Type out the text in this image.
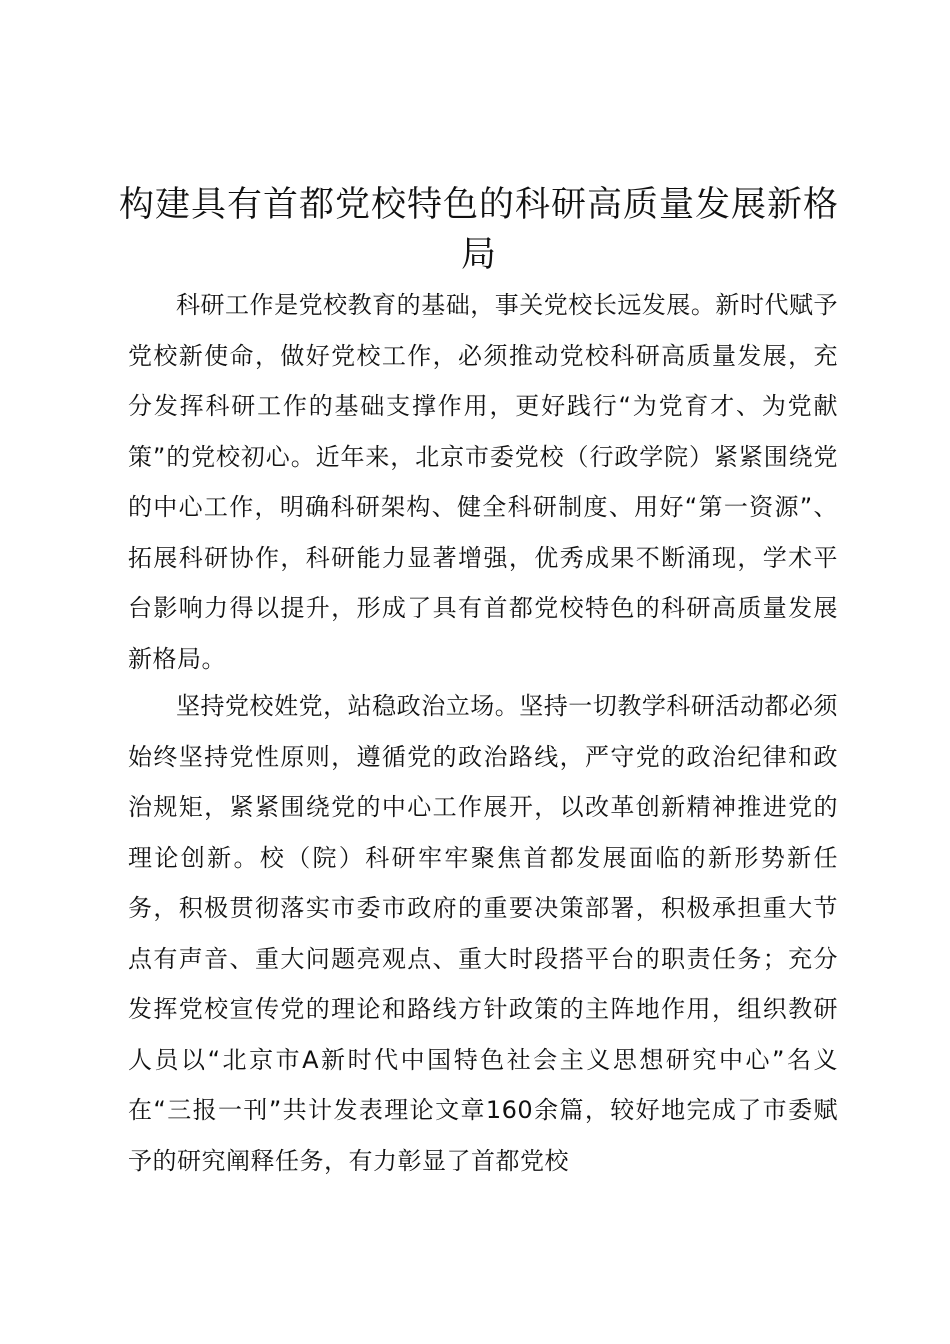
构建具有首都党校特色的科研高质量发展新格局

科研工作是党校教育的基础，事关党校长远发展。新时代赋予党校新使命，做好党校工作，必须推动党校科研高质量发展，充分发挥科研工作的基础支撑作用，更好践行“为党育才、为党献策”的党校初心。近年来，北京市委党校（行政学院）紧紧围绕党的中心工作，明确科研架构、健全科研制度、用好“第一资源”、拓展科研协作，科研能力显著增强，优秀成果不断涌现，学术平台影响力得以提升，形成了具有首都党校特色的科研高质量发展新格局。

坚持党校姓党，站稳政治立场。坚持一切教学科研活动都必须始终坚持党性原则，遵循党的政治路线，严守党的政治纪律和政治规矩，紧紧围绕党的中心工作展开，以改革创新精神推进党的理论创新。校（院）科研牢牢聚焦首都发展面临的新形势新任务，积极贯彻落实市委市政府的重要决策部署，积极承担重大节点有声音、重大问题亮观点、重大时段搭平台的职责任务；充分发挥党校宣传党的理论和路线方针政策的主阵地作用，组织教研人员以“北京市A新时代中国特色社会主义思想研究中心”名义在“三报一刊”共计发表理论文章160余篇，较好地完成了市委赋予的研究阐释任务，有力彰显了首都党校
